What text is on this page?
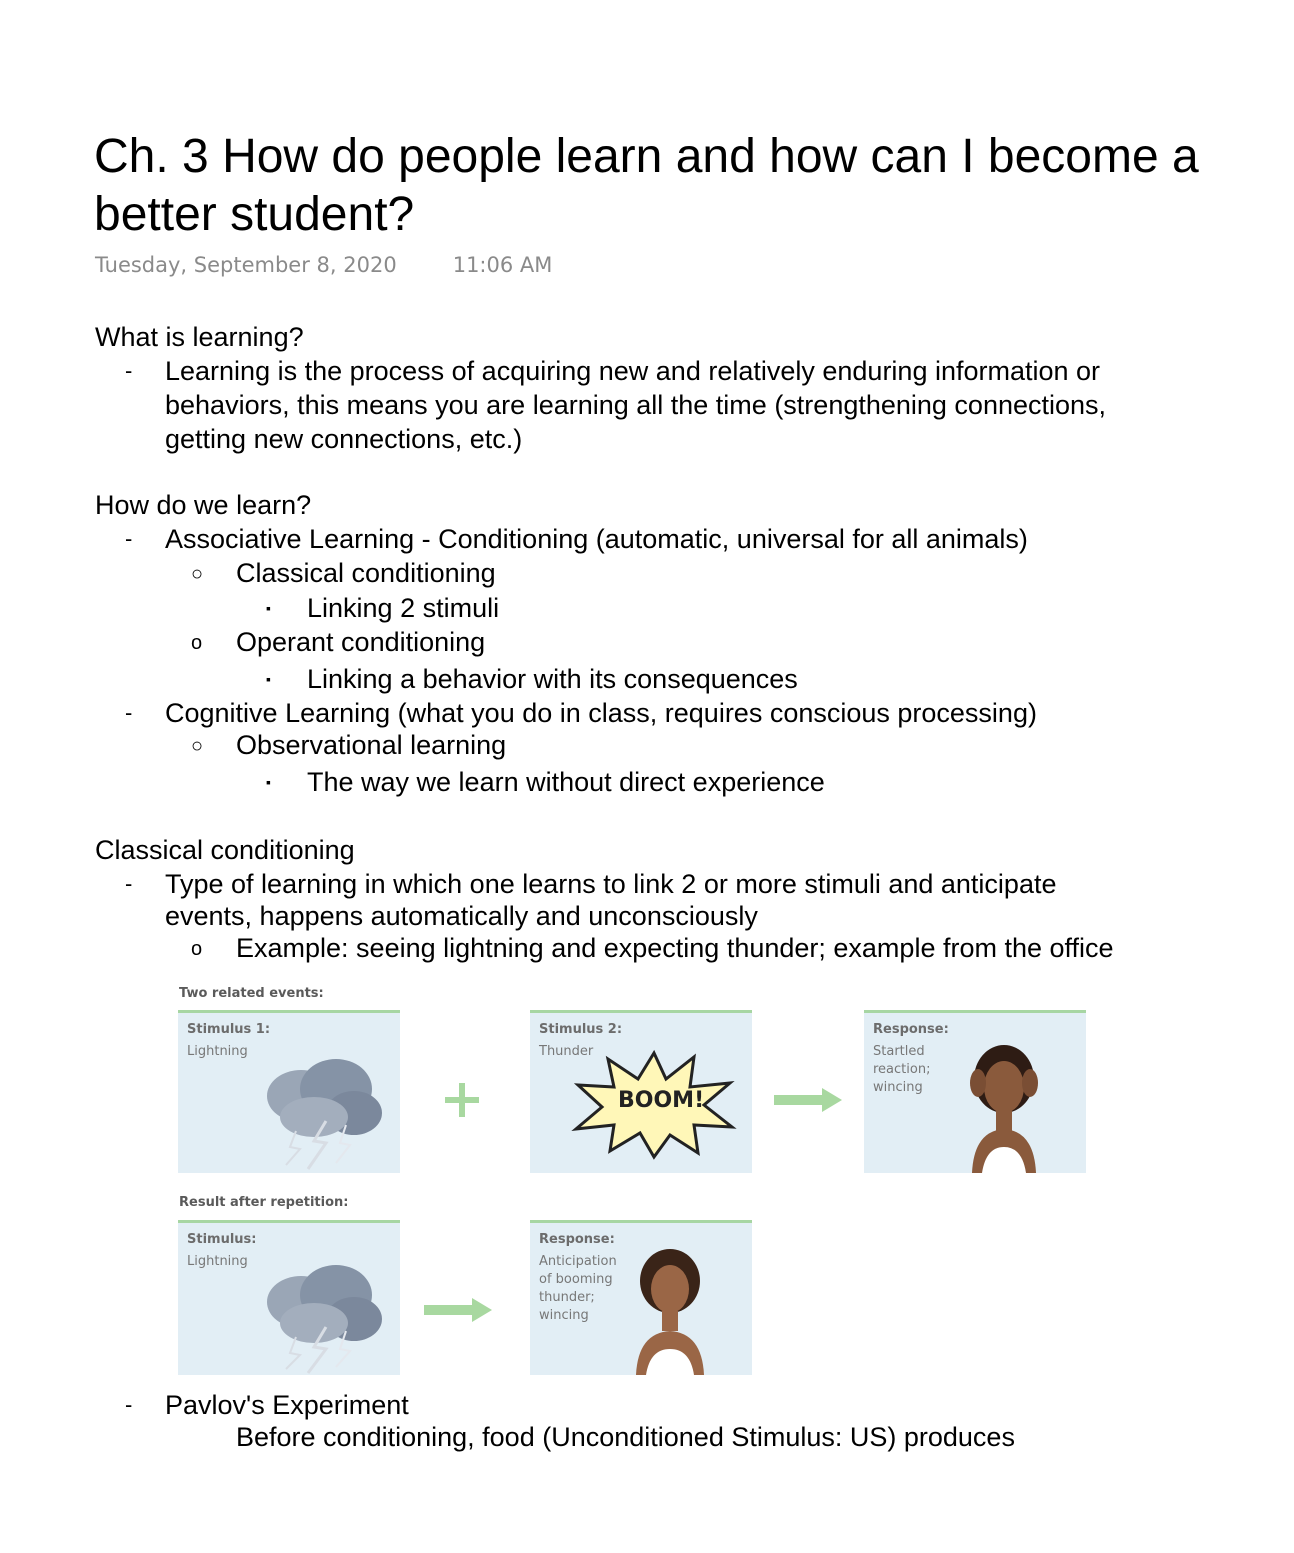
Ch. 3 How do people learn and how can I become a
better student?
Tuesday, September 8, 2020	11:06 AM
What is learning?
- Learning is the process of acquiring new and relatively enduring information or
behaviors, this means you are learning all the time (strengthening connections,
getting new connections, etc.)
How do we learn?
- Associative Learning - Conditioning (automatic, universal for all animals)
○ Classical conditioning
▪ Linking 2 stimuli
o Operant conditioning
▪ Linking a behavior with its consequences
- Cognitive Learning (what you do in class, requires conscious processing)
○ Observational learning
▪ The way we learn without direct experience
Classical conditioning
- Type of learning in which one learns to link 2 or more stimuli and anticipate
events, happens automatically and unconsciously
o Example: seeing lightning and expecting thunder; example from the office
Two related events:
Stimulus 1:
Lightning
Stimulus 2:
Thunder
BOOM!
Response:
Startled
reaction;
wincing
Result after repetition:
Stimulus:
Lightning
Response:
Anticipation
of booming
thunder;
wincing
- Pavlov's Experiment
Before conditioning, food (Unconditioned Stimulus: US) produces
